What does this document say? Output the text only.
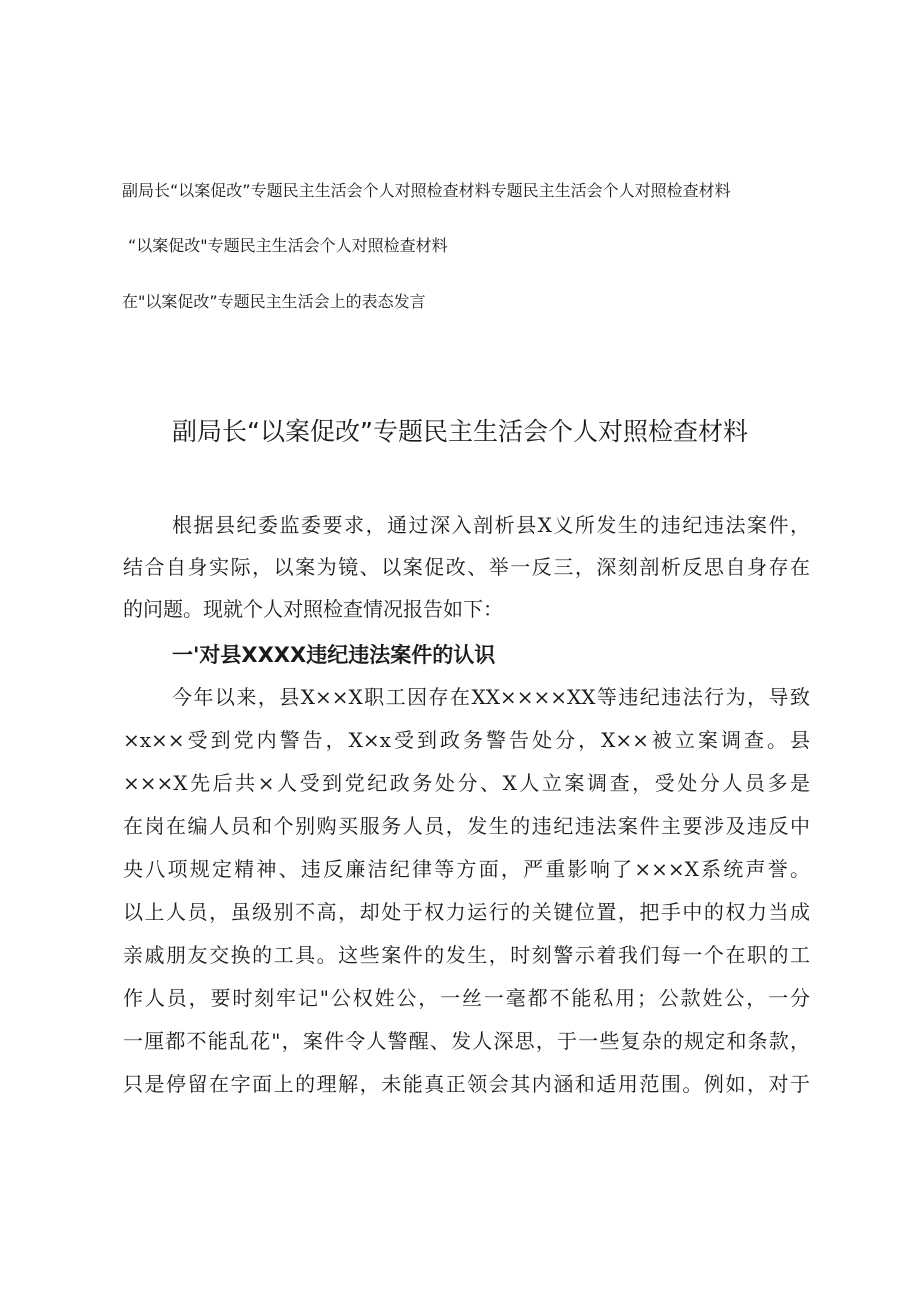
副局长“以案促改”专题民主生活会个人对照检查材料专题民主生活会个人对照检查材料
“以案促改"专题民主生活会个人对照检查材料
在"以案促改”专题民主生活会上的表态发言
副局长“以案促改”专题民主生活会个人对照检查材料
根据县纪委监委要求，通过深入剖析县X义所发生的违纪违法案件，
结合自身实际，以案为镜、以案促改、举一反三，深刻剖析反思自身存在
的问题。现就个人对照检查情况报告如下：
一'对县XXXX违纪违法案件的认识
今年以来，县X××X职工因存在XX××××XX等违纪违法行为，导致
×x××受到党内警告，X×x受到政务警告处分，X××被立案调查。县
×××X先后共×人受到党纪政务处分、X人立案调查，受处分人员多是
在岗在编人员和个别购买服务人员，发生的违纪违法案件主要涉及违反中
央八项规定精神、违反廉洁纪律等方面，严重影响了×××X系统声誉。
以上人员，虽级别不高，却处于权力运行的关键位置，把手中的权力当成
亲戚朋友交换的工具。这些案件的发生，时刻警示着我们每一个在职的工
作人员，要时刻牢记"公权姓公，一丝一毫都不能私用；公款姓公，一分
一厘都不能乱花"，案件令人警醒、发人深思，于一些复杂的规定和条款，
只是停留在字面上的理解，未能真正领会其内涵和适用范围。例如，对于
